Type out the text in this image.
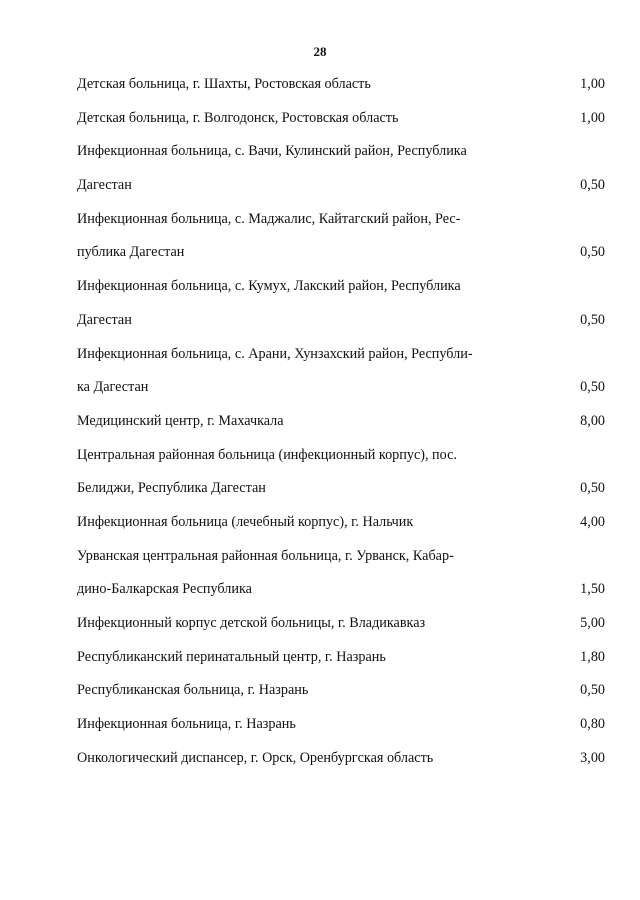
28
Детская больница, г. Шахты, Ростовская область	1,00
Детская больница, г. Волгодонск, Ростовская область	1,00
Инфекционная больница, с. Вачи, Кулинский район, Республика
Дагестан	0,50
Инфекционная больница, с. Маджалис, Кайтагский район, Рес-
публика Дагестан	0,50
Инфекционная больница, с. Кумух, Лакский район, Республика
Дагестан	0,50
Инфекционная больница, с. Арани, Хунзахский район, Республи-
ка Дагестан	0,50
Медицинский центр, г. Махачкала	8,00
Центральная районная больница (инфекционный корпус), пос.
Белиджи, Республика Дагестан	0,50
Инфекционная больница (лечебный корпус), г. Нальчик	4,00
Урванская центральная районная больница, г. Урванск, Кабар-
дино-Балкарская Республика	1,50
Инфекционный корпус детской больницы, г. Владикавказ	5,00
Республиканский перинатальный центр, г. Назрань	1,80
Республиканская больница, г. Назрань	0,50
Инфекционная больница, г. Назрань	0,80
Онкологический диспансер, г. Орск, Оренбургская область	3,00
